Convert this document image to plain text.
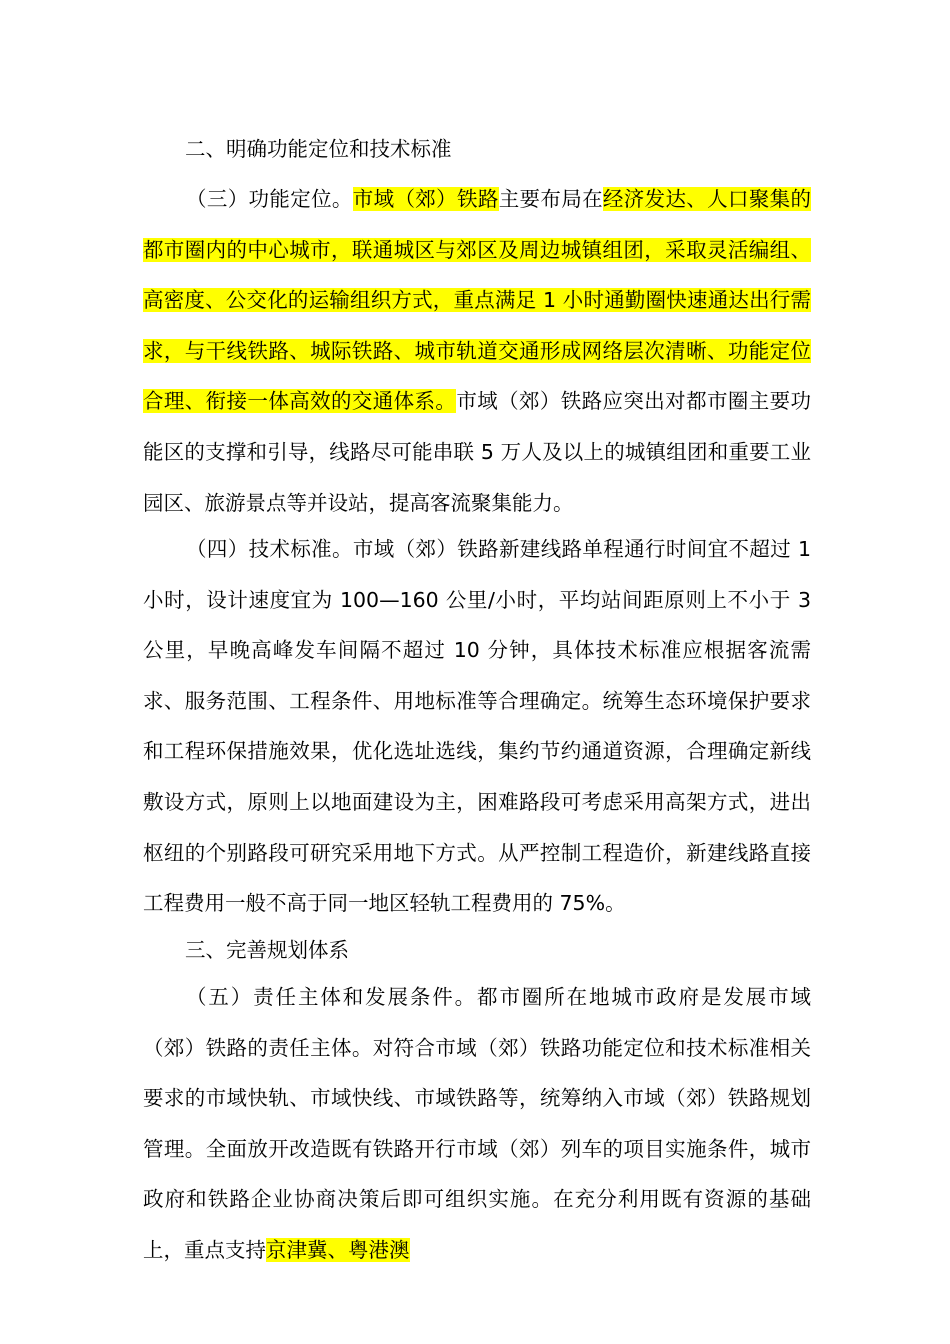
二、明确功能定位和技术标准

（三）功能定位。市域（郊）铁路主要布局在经济发达、人口聚集的都市圈内的中心城市，联通城区与郊区及周边城镇组团，采取灵活编组、高密度、公交化的运输组织方式，重点满足 1 小时通勤圈快速通达出行需求，与干线铁路、城际铁路、城市轨道交通形成网络层次清晰、功能定位合理、衔接一体高效的交通体系。市域（郊）铁路应突出对都市圈主要功能区的支撑和引导，线路尽可能串联 5 万人及以上的城镇组团和重要工业园区、旅游景点等并设站，提高客流聚集能力。

（四）技术标准。市域（郊）铁路新建线路单程通行时间宜不超过 1 小时，设计速度宜为 100—160 公里/小时，平均站间距原则上不小于 3 公里，早晚高峰发车间隔不超过 10 分钟，具体技术标准应根据客流需求、服务范围、工程条件、用地标准等合理确定。统筹生态环境保护要求和工程环保措施效果，优化选址选线，集约节约通道资源，合理确定新线敷设方式，原则上以地面建设为主，困难路段可考虑采用高架方式，进出枢纽的个别路段可研究采用地下方式。从严控制工程造价，新建线路直接工程费用一般不高于同一地区轻轨工程费用的 75%。

三、完善规划体系

（五）责任主体和发展条件。都市圈所在地城市政府是发展市域（郊）铁路的责任主体。对符合市域（郊）铁路功能定位和技术标准相关要求的市域快轨、市域快线、市域铁路等，统筹纳入市域（郊）铁路规划管理。全面放开改造既有铁路开行市域（郊）列车的项目实施条件，城市政府和铁路企业协商决策后即可组织实施。在充分利用既有资源的基础上，重点支持京津冀、粤港澳
